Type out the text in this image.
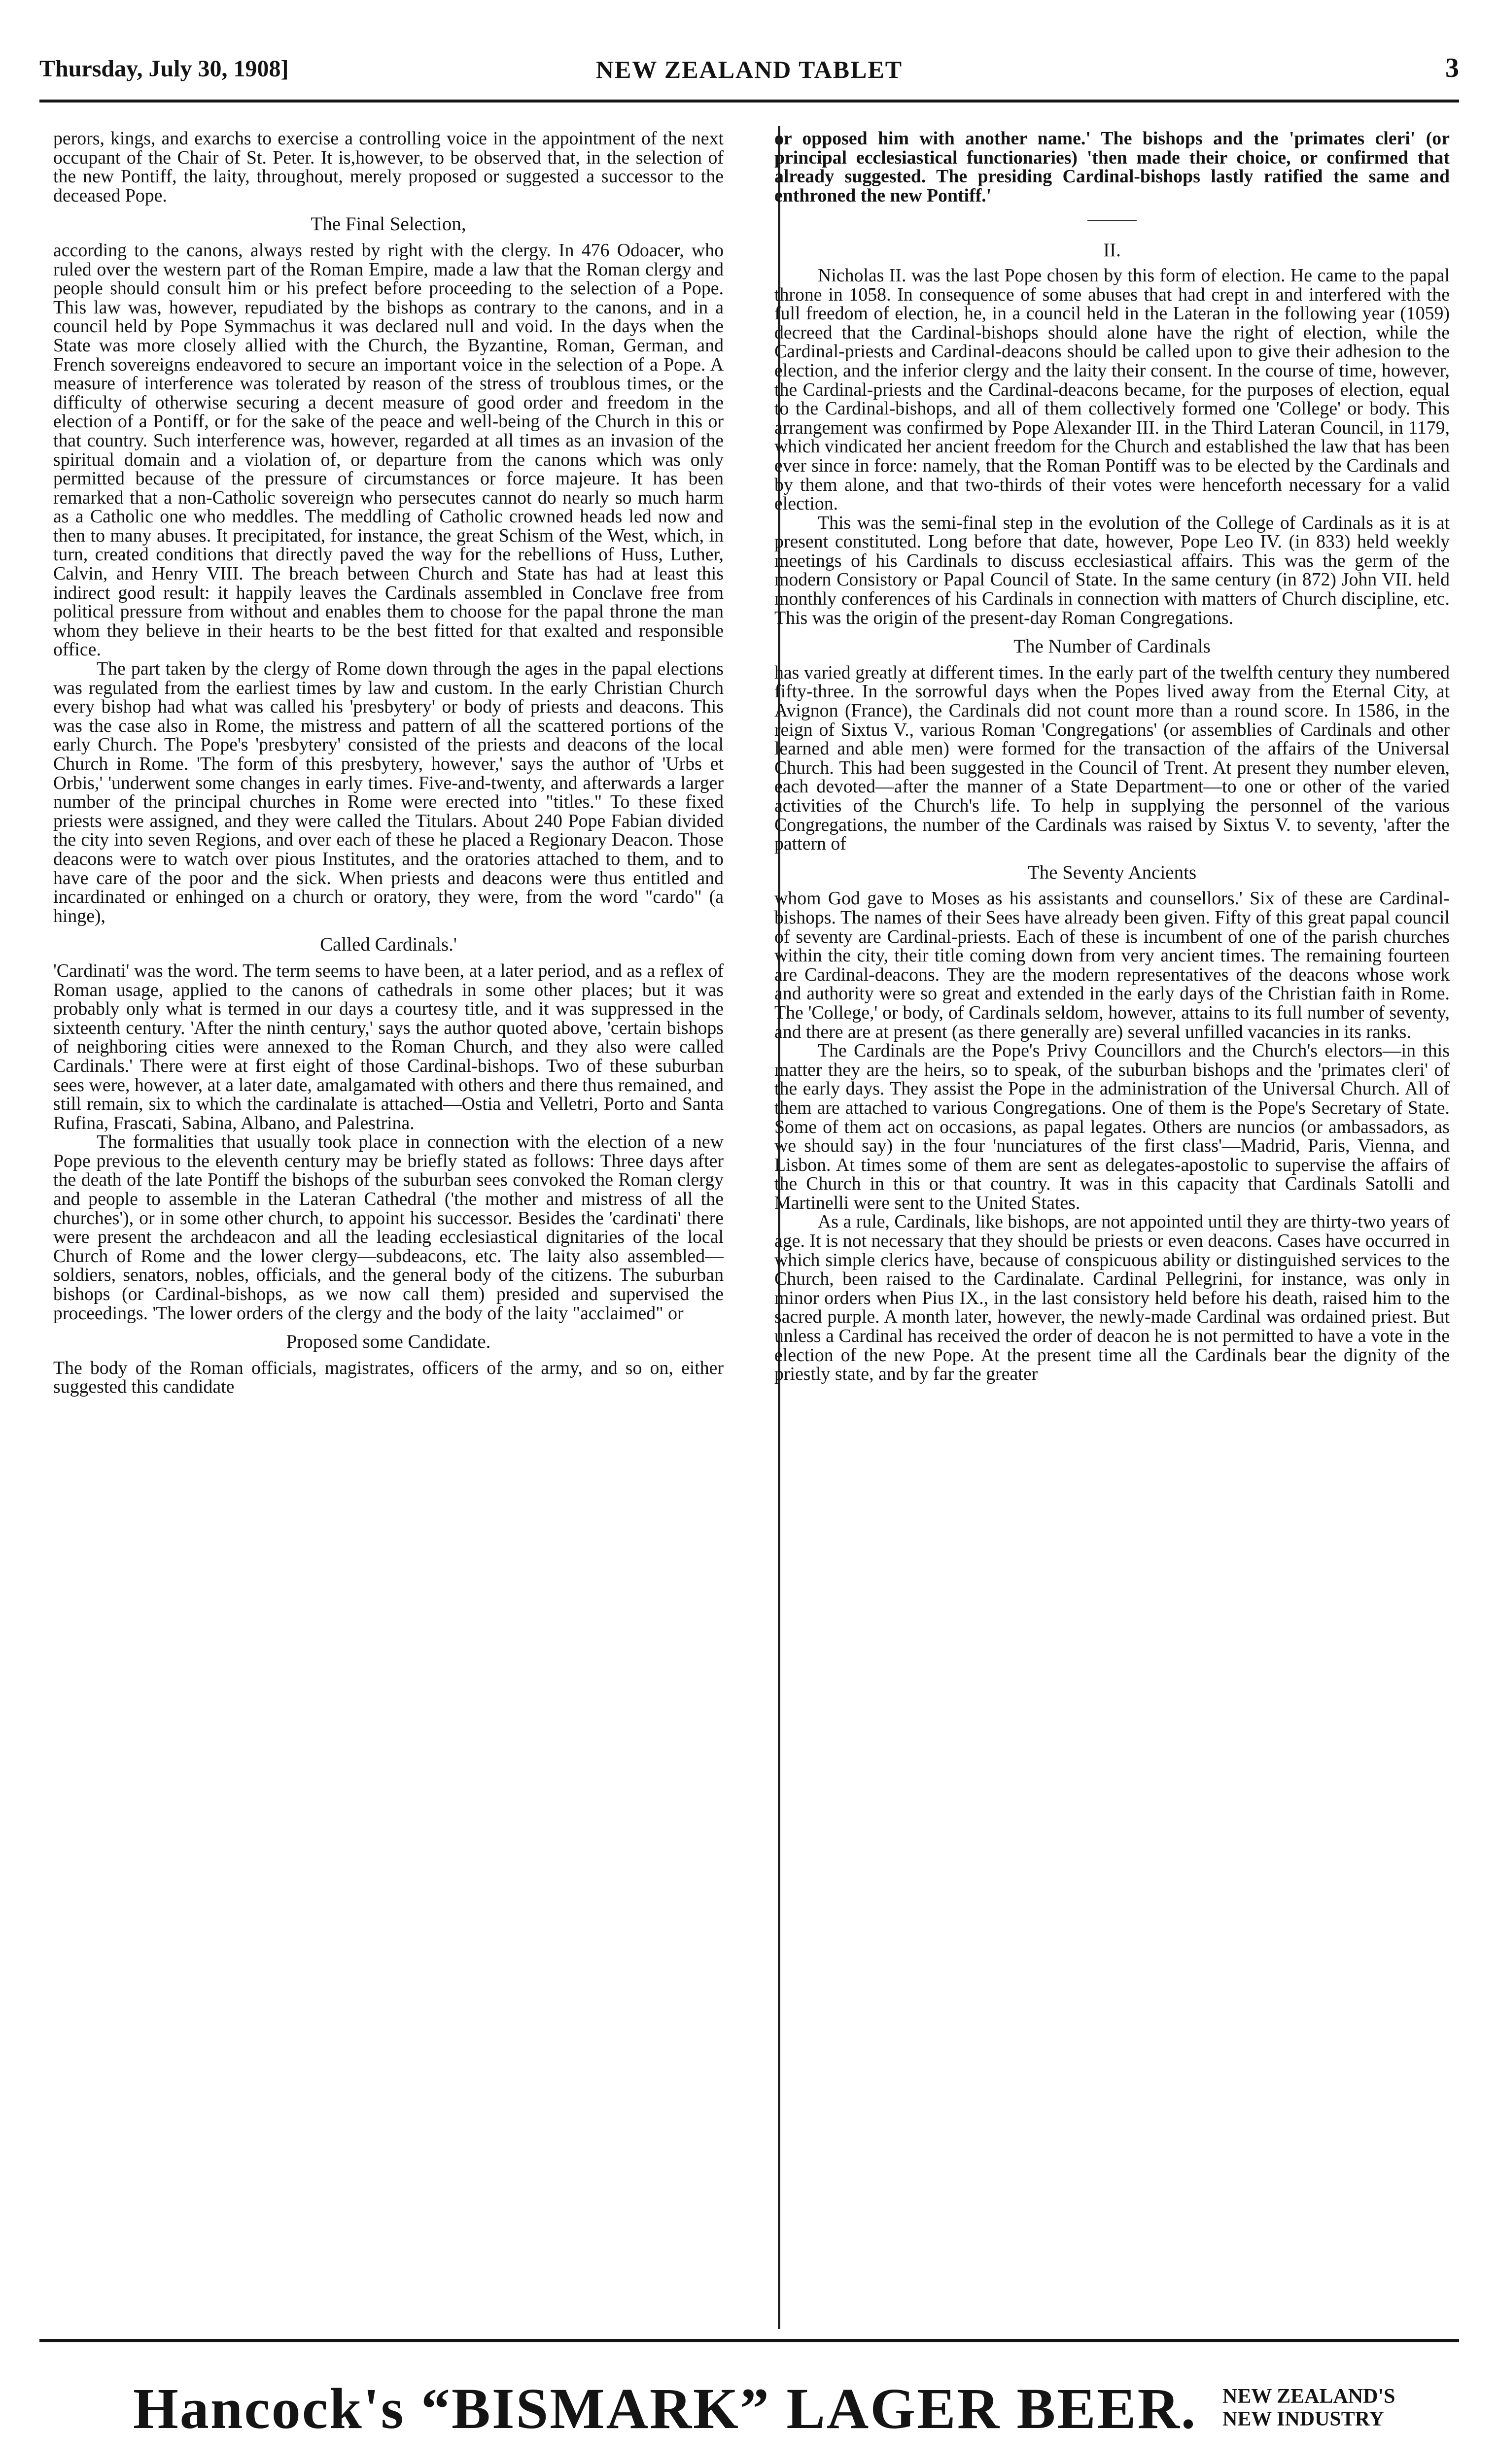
Thursday, July 30, 1908]	NEW ZEALAND TABLET	3

perors, kings, and exarchs to exercise a controlling voice in the appointment of the next occupant of the Chair of St. Peter. It is,however, to be observed that, in the selection of the new Pontiff, the laity, throughout, merely proposed or suggested a successor to the deceased Pope.

The Final Selection,

according to the canons, always rested by right with the clergy. In 476 Odoacer, who ruled over the western part of the Roman Empire, made a law that the Roman clergy and people should consult him or his prefect before proceeding to the selection of a Pope. This law was, however, repudiated by the bishops as contrary to the canons, and in a council held by Pope Symmachus it was declared null and void. In the days when the State was more closely allied with the Church, the Byzantine, Roman, German, and French sovereigns endeavored to secure an important voice in the selection of a Pope. A measure of interference was tolerated by reason of the stress of troublous times, or the difficulty of otherwise securing a decent measure of good order and freedom in the election of a Pontiff, or for the sake of the peace and well-being of the Church in this or that country. Such interference was, however, regarded at all times as an invasion of the spiritual domain and a violation of, or departure from the canons which was only permitted because of the pressure of circumstances or force majeure. It has been remarked that a non-Catholic sovereign who persecutes cannot do nearly so much harm as a Catholic one who meddles. The meddling of Catholic crowned heads led now and then to many abuses. It precipitated, for instance, the great Schism of the West, which, in turn, created conditions that directly paved the way for the rebellions of Huss, Luther, Calvin, and Henry VIII. The breach between Church and State has had at least this indirect good result: it happily leaves the Cardinals assembled in Conclave free from political pressure from without and enables them to choose for the papal throne the man whom they believe in their hearts to be the best fitted for that exalted and responsible office.

The part taken by the clergy of Rome down through the ages in the papal elections was regulated from the earliest times by law and custom. In the early Christian Church every bishop had what was called his 'presbytery' or body of priests and deacons. This was the case also in Rome, the mistress and pattern of all the scattered portions of the early Church. The Pope's 'presbytery' consisted of the priests and deacons of the local Church in Rome. 'The form of this presbytery, however,' says the author of 'Urbs et Orbis,' 'underwent some changes in early times. Five-and-twenty, and afterwards a larger number of the principal churches in Rome were erected into "titles." To these fixed priests were assigned, and they were called the Titulars. About 240 Pope Fabian divided the city into seven Regions, and over each of these he placed a Regionary Deacon. Those deacons were to watch over pious Institutes, and the oratories attached to them, and to have care of the poor and the sick. When priests and deacons were thus entitled and incardinated or enhinged on a church or oratory, they were, from the word "cardo" (a hinge),

Called Cardinals.'

'Cardinati' was the word. The term seems to have been, at a later period, and as a reflex of Roman usage, applied to the canons of cathedrals in some other places; but it was probably only what is termed in our days a courtesy title, and it was suppressed in the sixteenth century. 'After the ninth century,' says the author quoted above, 'certain bishops of neighboring cities were annexed to the Roman Church, and they also were called Cardinals.' There were at first eight of those Cardinal-bishops. Two of these suburban sees were, however, at a later date, amalgamated with others and there thus remained, and still remain, six to which the cardinalate is attached—Ostia and Velletri, Porto and Santa Rufina, Frascati, Sabina, Albano, and Palestrina.

The formalities that usually took place in connection with the election of a new Pope previous to the eleventh century may be briefly stated as follows: Three days after the death of the late Pontiff the bishops of the suburban sees convoked the Roman clergy and people to assemble in the Lateran Cathedral ('the mother and mistress of all the churches'), or in some other church, to appoint his successor. Besides the 'cardinati' there were present the archdeacon and all the leading ecclesiastical dignitaries of the local Church of Rome and the lower clergy—subdeacons, etc. The laity also assembled—soldiers, senators, nobles, officials, and the general body of the citizens. The suburban bishops (or Cardinal-bishops, as we now call them) presided and supervised the proceedings. 'The lower orders of the clergy and the body of the laity "acclaimed" or

Proposed some Candidate.

The body of the Roman officials, magistrates, officers of the army, and so on, either suggested this candidate

or opposed him with another name.' The bishops and the 'primates cleri' (or principal ecclesiastical functionaries) 'then made their choice, or confirmed that already suggested. The presiding Cardinal-bishops lastly ratified the same and enthroned the new Pontiff.'

II.

Nicholas II. was the last Pope chosen by this form of election. He came to the papal throne in 1058. In consequence of some abuses that had crept in and interfered with the full freedom of election, he, in a council held in the Lateran in the following year (1059) decreed that the Cardinal-bishops should alone have the right of election, while the Cardinal-priests and Cardinal-deacons should be called upon to give their adhesion to the election, and the inferior clergy and the laity their consent. In the course of time, however, the Cardinal-priests and the Cardinal-deacons became, for the purposes of election, equal to the Cardinal-bishops, and all of them collectively formed one 'College' or body. This arrangement was confirmed by Pope Alexander III. in the Third Lateran Council, in 1179, which vindicated her ancient freedom for the Church and established the law that has been ever since in force: namely, that the Roman Pontiff was to be elected by the Cardinals and by them alone, and that two-thirds of their votes were henceforth necessary for a valid election.

This was the semi-final step in the evolution of the College of Cardinals as it is at present constituted. Long before that date, however, Pope Leo IV. (in 833) held weekly meetings of his Cardinals to discuss ecclesiastical affairs. This was the germ of the modern Consistory or Papal Council of State. In the same century (in 872) John VII. held monthly conferences of his Cardinals in connection with matters of Church discipline, etc. This was the origin of the present-day Roman Congregations.

The Number of Cardinals

has varied greatly at different times. In the early part of the twelfth century they numbered fifty-three. In the sorrowful days when the Popes lived away from the Eternal City, at Avignon (France), the Cardinals did not count more than a round score. In 1586, in the reign of Sixtus V., various Roman 'Congregations' (or assemblies of Cardinals and other learned and able men) were formed for the transaction of the affairs of the Universal Church. This had been suggested in the Council of Trent. At present they number eleven, each devoted—after the manner of a State Department—to one or other of the varied activities of the Church's life. To help in supplying the personnel of the various Congregations, the number of the Cardinals was raised by Sixtus V. to seventy, 'after the pattern of

The Seventy Ancients

whom God gave to Moses as his assistants and counsellors.' Six of these are Cardinal-bishops. The names of their Sees have already been given. Fifty of this great papal council of seventy are Cardinal-priests. Each of these is incumbent of one of the parish churches within the city, their title coming down from very ancient times. The remaining fourteen are Cardinal-deacons. They are the modern representatives of the deacons whose work and authority were so great and extended in the early days of the Christian faith in Rome. The 'College,' or body, of Cardinals seldom, however, attains to its full number of seventy, and there are at present (as there generally are) several unfilled vacancies in its ranks.

The Cardinals are the Pope's Privy Councillors and the Church's electors—in this matter they are the heirs, so to speak, of the suburban bishops and the 'primates cleri' of the early days. They assist the Pope in the administration of the Universal Church. All of them are attached to various Congregations. One of them is the Pope's Secretary of State. Some of them act on occasions, as papal legates. Others are nuncios (or ambassadors, as we should say) in the four 'nunciatures of the first class'—Madrid, Paris, Vienna, and Lisbon. At times some of them are sent as delegates-apostolic to supervise the affairs of the Church in this or that country. It was in this capacity that Cardinals Satolli and Martinelli were sent to the United States.

As a rule, Cardinals, like bishops, are not appointed until they are thirty-two years of age. It is not necessary that they should be priests or even deacons. Cases have occurred in which simple clerics have, because of conspicuous ability or distinguished services to the Church, been raised to the Cardinalate. Cardinal Pellegrini, for instance, was only in minor orders when Pius IX., in the last consistory held before his death, raised him to the sacred purple. A month later, however, the newly-made Cardinal was ordained priest. But unless a Cardinal has received the order of deacon he is not permitted to have a vote in the election of the new Pope. At the present time all the Cardinals bear the dignity of the priestly state, and by far the greater

Hancock's “BISMARK” LAGER BEER. NEW ZEALAND'S
NEW INDUSTRY
